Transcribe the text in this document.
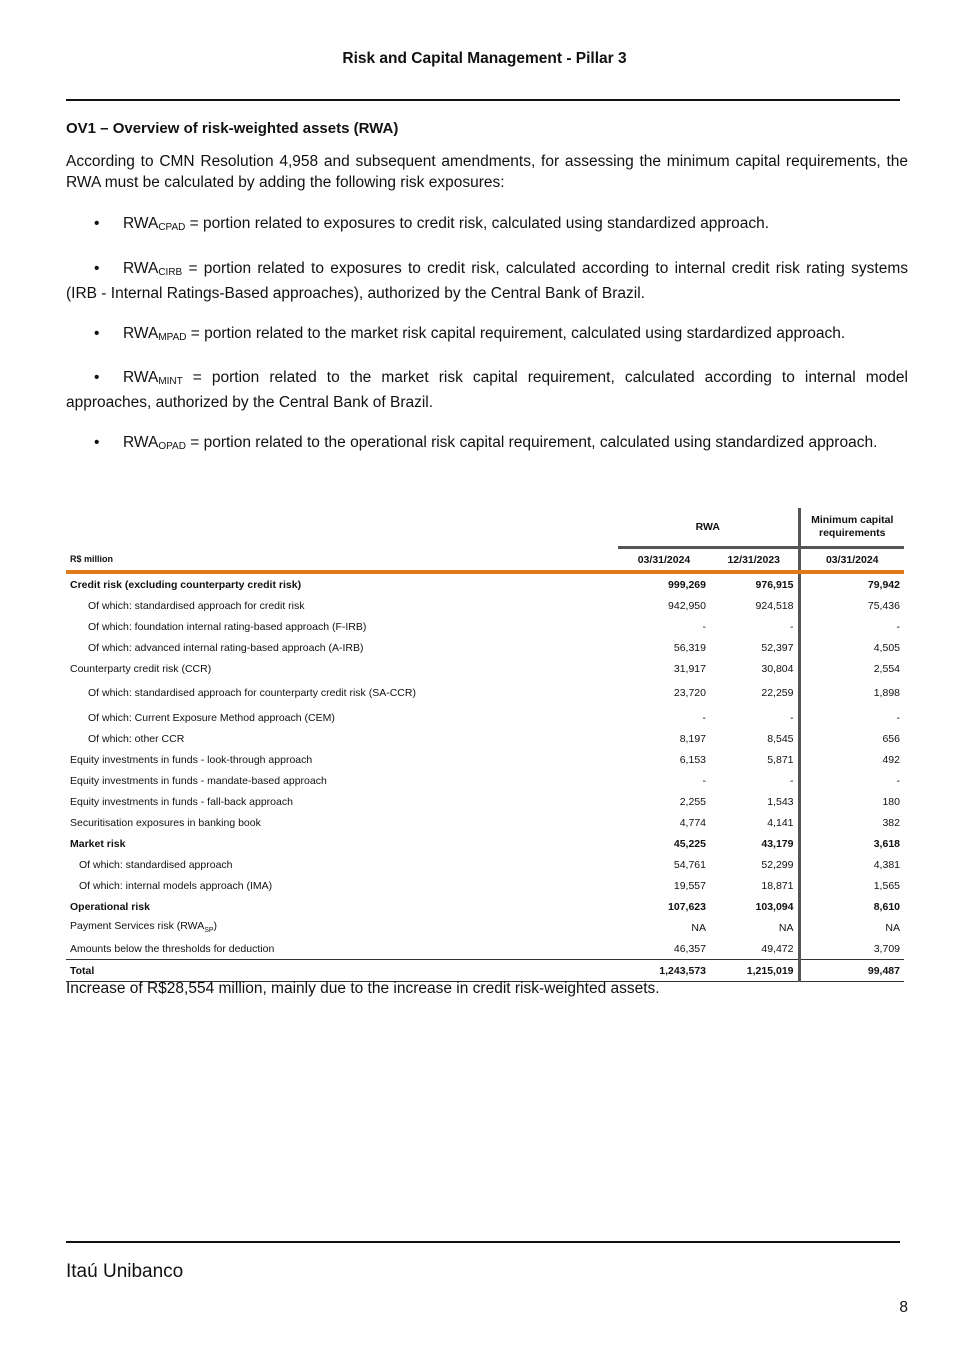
Risk and Capital Management - Pillar 3
OV1 – Overview of risk-weighted assets (RWA)
According to CMN Resolution 4,958 and subsequent amendments, for assessing the minimum capital requirements, the RWA must be calculated by adding the following risk exposures:
• $RWA_{CPAD}$ = portion related to exposures to credit risk, calculated using standardized approach.
• $RWA_{CIRB}$ = portion related to exposures to credit risk, calculated according to internal credit risk rating systems (IRB - Internal Ratings-Based approaches), authorized by the Central Bank of Brazil.
• $RWA_{MPAD}$ = portion related to the market risk capital requirement, calculated using stardardized approach.
• $RWA_{MINT}$ = portion related to the market risk capital requirement, calculated according to internal model approaches, authorized by the Central Bank of Brazil.
• $RWA_{OPAD}$ = portion related to the operational risk capital requirement, calculated using standardized approach.
	RWA		Minimum capital requirements
R$ million	03/31/2024	12/31/2023	03/31/2024
Credit risk (excluding counterparty credit risk)	999,269	976,915	79,942
Of which: standardised approach for credit risk	942,950	924,518	75,436
Of which: foundation internal rating-based approach (F-IRB)	-	-	-
Of which: advanced internal rating-based approach (A-IRB)	56,319	52,397	4,505
Counterparty credit risk (CCR)	31,917	30,804	2,554
Of which: standardised approach for counterparty credit risk (SA-CCR)	23,720	22,259	1,898
Of which: Current Exposure Method approach (CEM)	-	-	-
Of which: other CCR	8,197	8,545	656
Equity investments in funds - look-through approach	6,153	5,871	492
Equity investments in funds - mandate-based approach	-	-	-
Equity investments in funds - fall-back approach	2,255	1,543	180
Securitisation exposures in banking book	4,774	4,141	382
Market risk	45,225	43,179	3,618
Of which: standardised approach	54,761	52,299	4,381
Of which: internal models approach (IMA)	19,557	18,871	1,565
Operational risk	107,623	103,094	8,610
Payment Services risk $(RWA_{SP})$	NA	NA	NA
Amounts below the thresholds for deduction	46,357	49,472	3,709
Total	1,243,573	1,215,019	99,487
Increase of R$28,554 million, mainly due to the increase in credit risk-weighted assets.
Itaú Unibanco
8
